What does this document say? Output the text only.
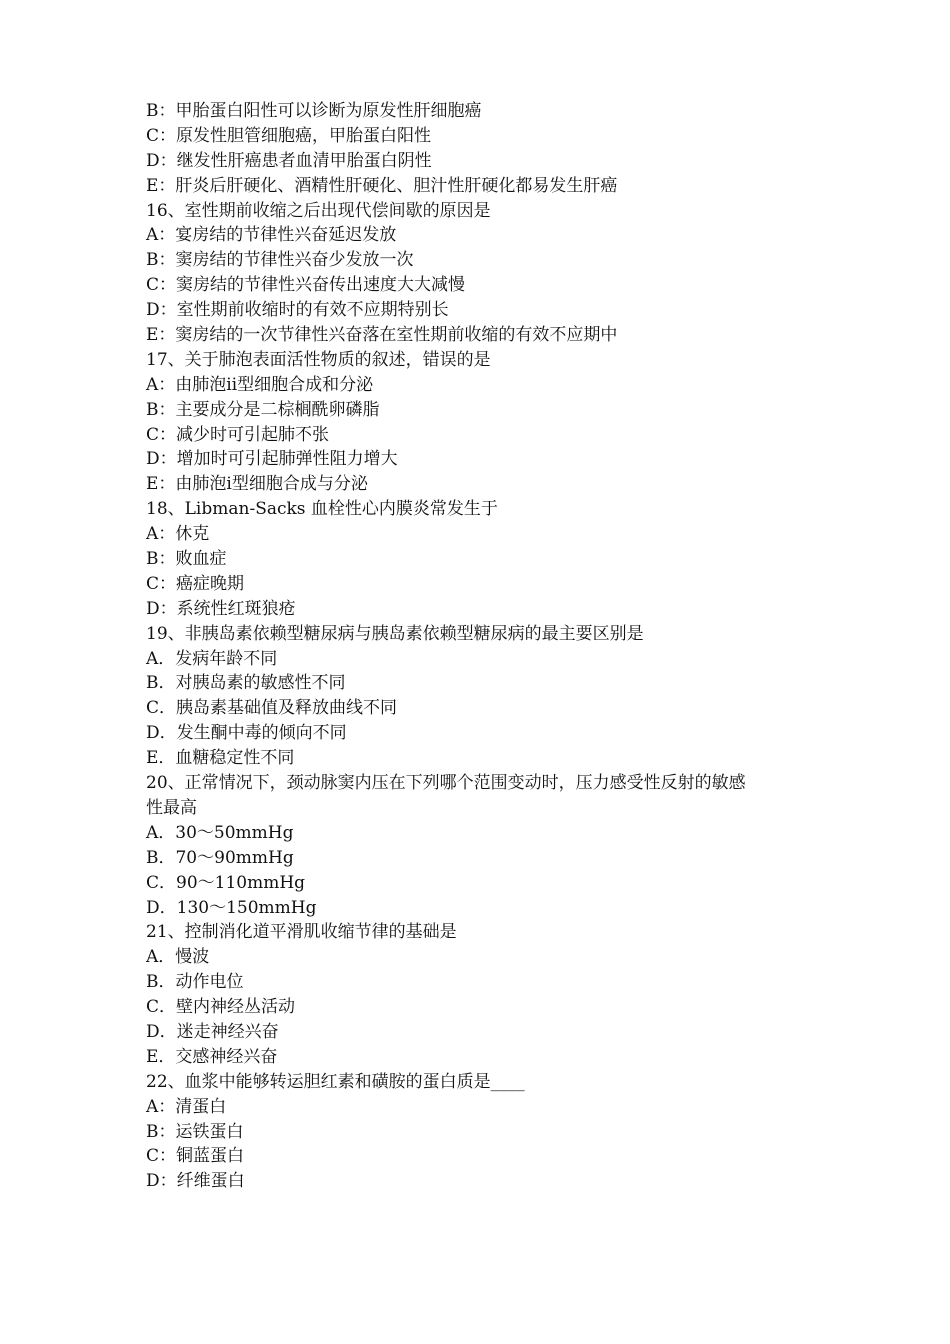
B：甲胎蛋白阳性可以诊断为原发性肝细胞癌
C：原发性胆管细胞癌，甲胎蛋白阳性
D：继发性肝癌患者血清甲胎蛋白阴性
E：肝炎后肝硬化、酒精性肝硬化、胆汁性肝硬化都易发生肝癌
16、室性期前收缩之后出现代偿间歇的原因是
A：宴房结的节律性兴奋延迟发放
B：窦房结的节律性兴奋少发放一次
C：窦房结的节律性兴奋传出速度大大减慢
D：室性期前收缩时的有效不应期特别长
E：窦房结的一次节律性兴奋落在室性期前收缩的有效不应期中
17、关于肺泡表面活性物质的叙述，错误的是
A：由肺泡ⅱ型细胞合成和分泌
B：主要成分是二棕榈酰卵磷脂
C：减少时可引起肺不张
D：增加时可引起肺弹性阻力增大
E：由肺泡ⅰ型细胞合成与分泌
18、Libman-Sacks 血栓性心内膜炎常发生于
A：休克
B：败血症
C：癌症晚期
D：系统性红斑狼疮
19、非胰岛素依赖型糖尿病与胰岛素依赖型糖尿病的最主要区别是
A．发病年龄不同
B．对胰岛素的敏感性不同
C．胰岛素基础值及释放曲线不同
D．发生酮中毒的倾向不同
E．血糖稳定性不同
20、正常情况下，颈动脉窦内压在下列哪个范围变动时，压力感受性反射的敏感
性最高
A．30～50mmHg
B．70～90mmHg
C．90～110mmHg
D．130～150mmHg
21、控制消化道平滑肌收缩节律的基础是
A．慢波
B．动作电位
C．壁内神经丛活动
D．迷走神经兴奋
E．交感神经兴奋
22、血浆中能够转运胆红素和磺胺的蛋白质是____
A：清蛋白
B：运铁蛋白
C：铜蓝蛋白
D：纤维蛋白
